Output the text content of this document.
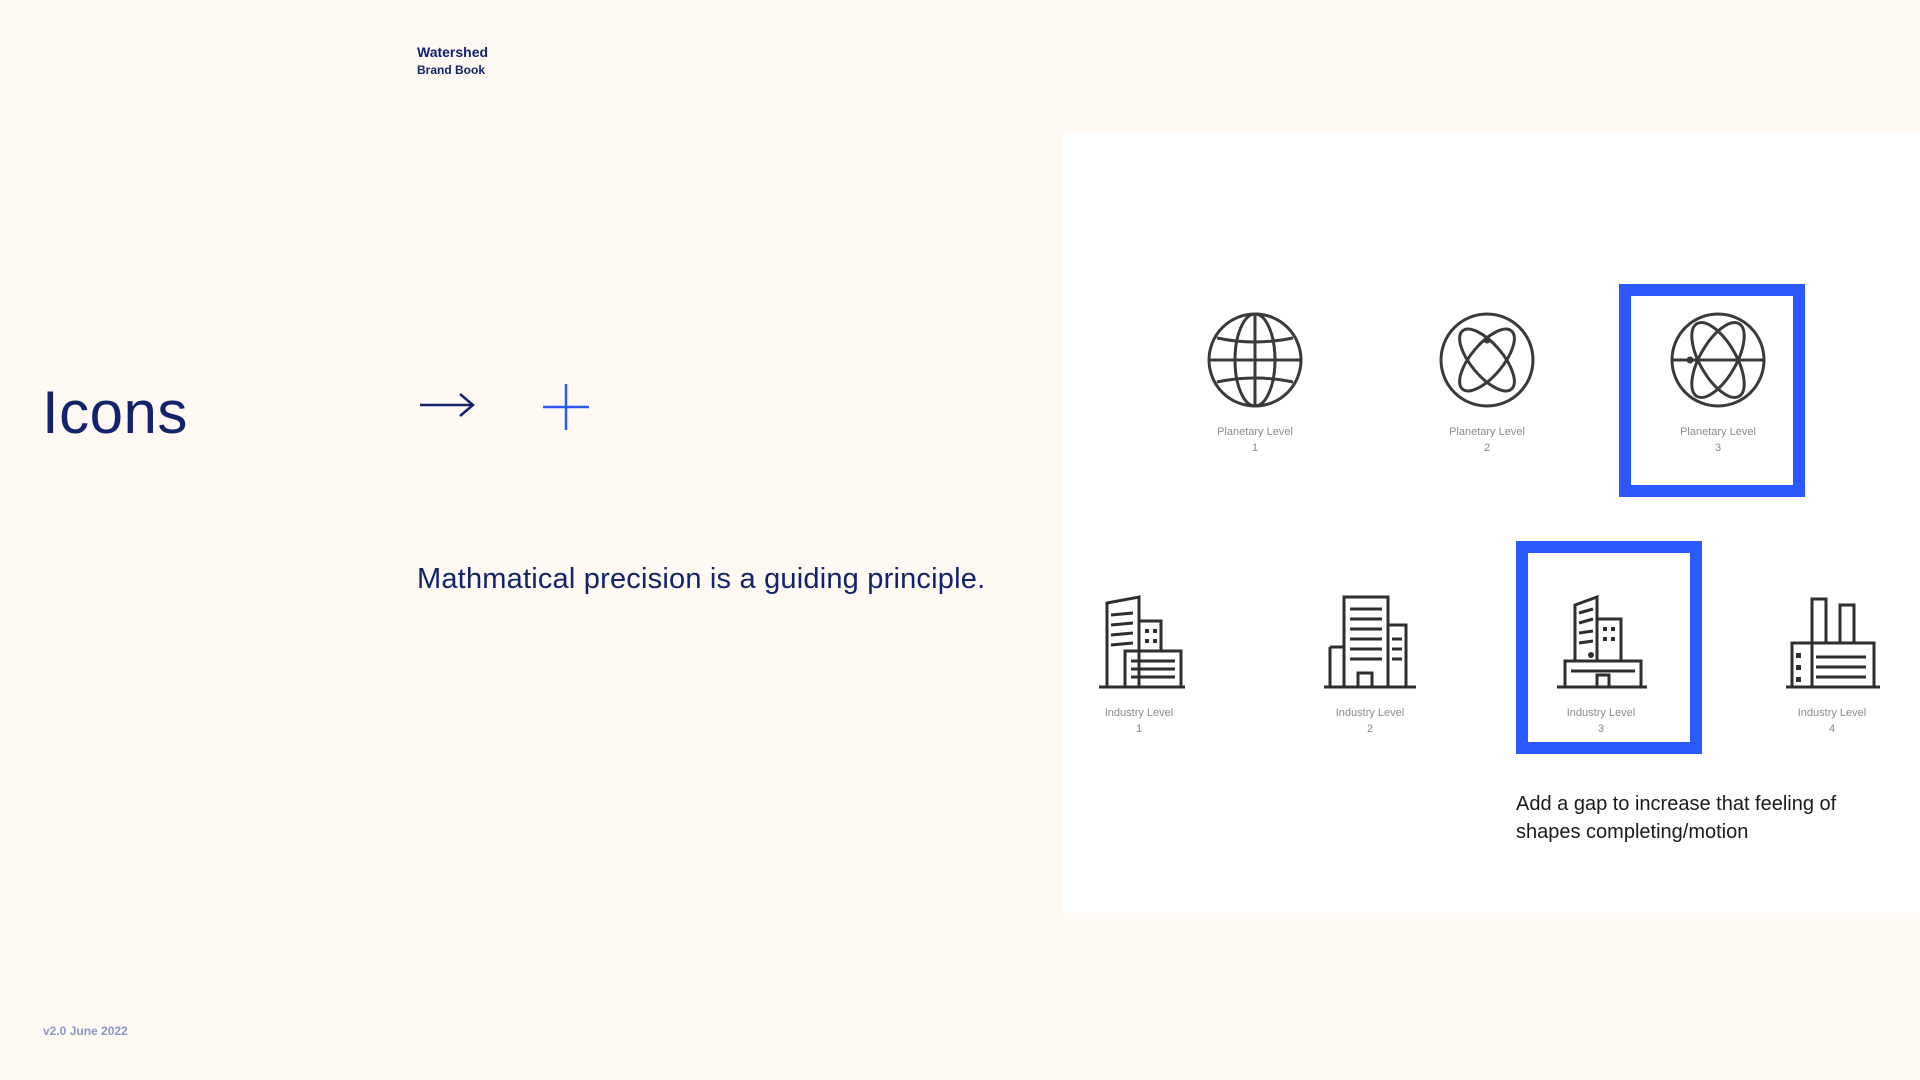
Watershed
Brand Book
Icons

Mathmatical precision is a guiding principle.

v2.0 June 2022
Planetary Level
1
Planetary Level
2
Planetary Level
3
Industry Level
1
Industry Level
2
Industry Level
3
Industry Level
4
Add a gap to increase that feeling of shapes completing/motion
